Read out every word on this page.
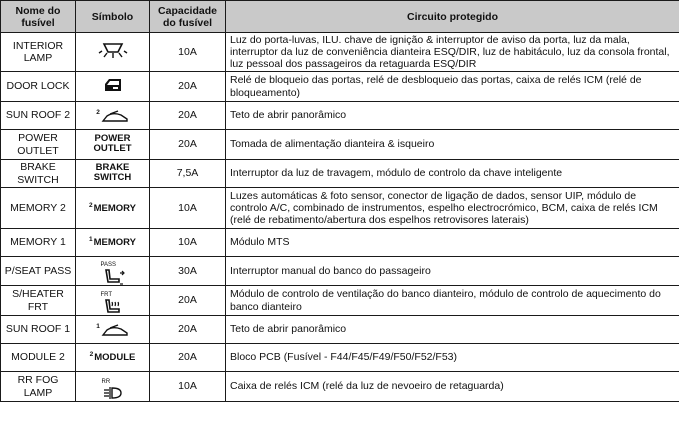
Nome do fusível	Símbolo	Capacidade do fusível	Circuito protegido
INTERIOR LAMP		10A	Luz do porta-luvas, ILU. chave de ignição & interruptor de aviso da porta, luz da mala, interruptor da luz de conveniência dianteira ESQ/DIR, luz de habitáculo, luz da consola frontal, luz pessoal dos passageiros da retaguarda ESQ/DIR
DOOR LOCK		20A	Relé de bloqueio das portas, relé de desbloqueio das portas, caixa de relés ICM (relé de bloqueamento)
SUN ROOF 2	2	20A	Teto de abrir panorâmico
POWER OUTLET	POWER OUTLET	20A	Tomada de alimentação dianteira & isqueiro
BRAKE SWITCH	BRAKE SWITCH	7,5A	Interruptor da luz de travagem, módulo de controlo da chave inteligente
MEMORY 2	$^2$MEMORY	10A	Luzes automáticas & foto sensor, conector de ligação de dados, sensor UIP, módulo de controlo A/C, combinado de instrumentos, espelho electrocrómico, BCM, caixa de relés ICM (relé de rebatimento/abertura dos espelhos retrovisores laterais)
MEMORY 1	$^1$MEMORY	10A	Módulo MTS
P/SEAT PASS	PASS	30A	Interruptor manual do banco do passageiro
S/HEATER FRT	FRT	20A	Módulo de controlo de ventilação do banco dianteiro, módulo de controlo de aquecimento do banco dianteiro
SUN ROOF 1	1	20A	Teto de abrir panorâmico
MODULE 2	$^2$MODULE	20A	Bloco PCB (Fusível - F44/F45/F49/F50/F52/F53)
RR FOG LAMP	RR	10A	Caixa de relés ICM (relé da luz de nevoeiro de retaguarda)
